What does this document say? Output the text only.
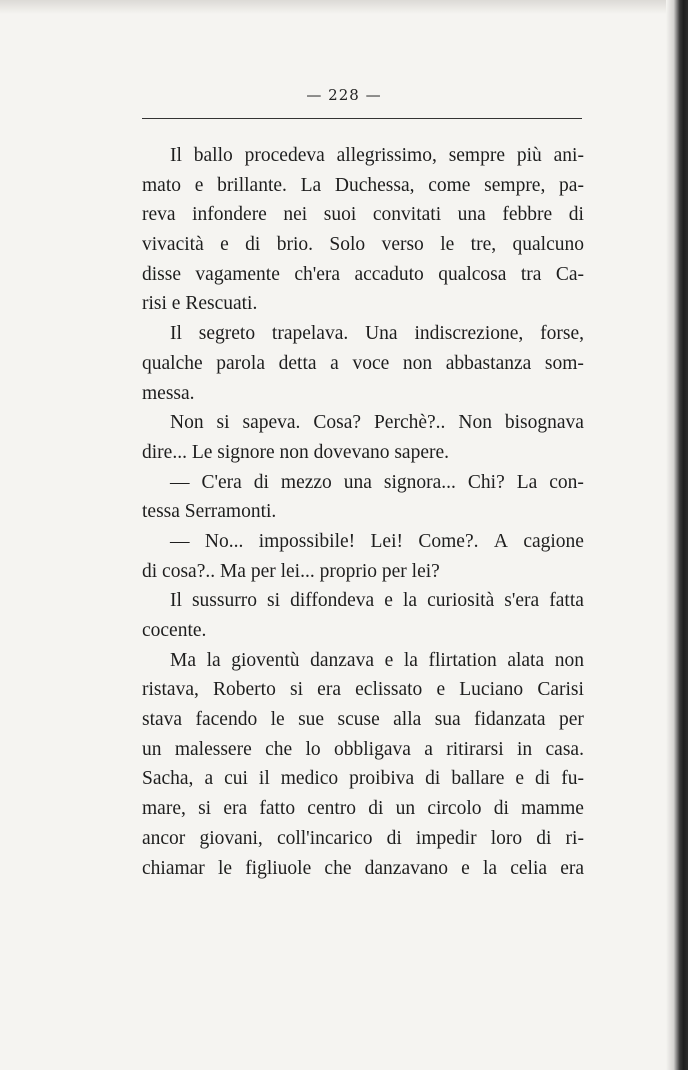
— 228 —
Il ballo procedeva allegrissimo, sempre più ani-
mato e brillante. La Duchessa, come sempre, pa-
reva infondere nei suoi convitati una febbre di
vivacità e di brio. Solo verso le tre, qualcuno
disse vagamente ch'era accaduto qualcosa tra Ca-
risi e Rescuati.
Il segreto trapelava. Una indiscrezione, forse,
qualche parola detta a voce non abbastanza som-
messa.
Non si sapeva. Cosa? Perchè?.. Non bisognava
dire... Le signore non dovevano sapere.
— C'era di mezzo una signora... Chi? La con-
tessa Serramonti.
— No... impossibile! Lei! Come?. A cagione
di cosa?.. Ma per lei... proprio per lei?
Il sussurro si diffondeva e la curiosità s'era fatta
cocente.
Ma la gioventù danzava e la flirtation alata non
ristava, Roberto si era eclissato e Luciano Carisi
stava facendo le sue scuse alla sua fidanzata per
un malessere che lo obbligava a ritirarsi in casa.
Sacha, a cui il medico proibiva di ballare e di fu-
mare, si era fatto centro di un circolo di mamme
ancor giovani, coll'incarico di impedir loro di ri-
chiamar le figliuole che danzavano e la celia era
